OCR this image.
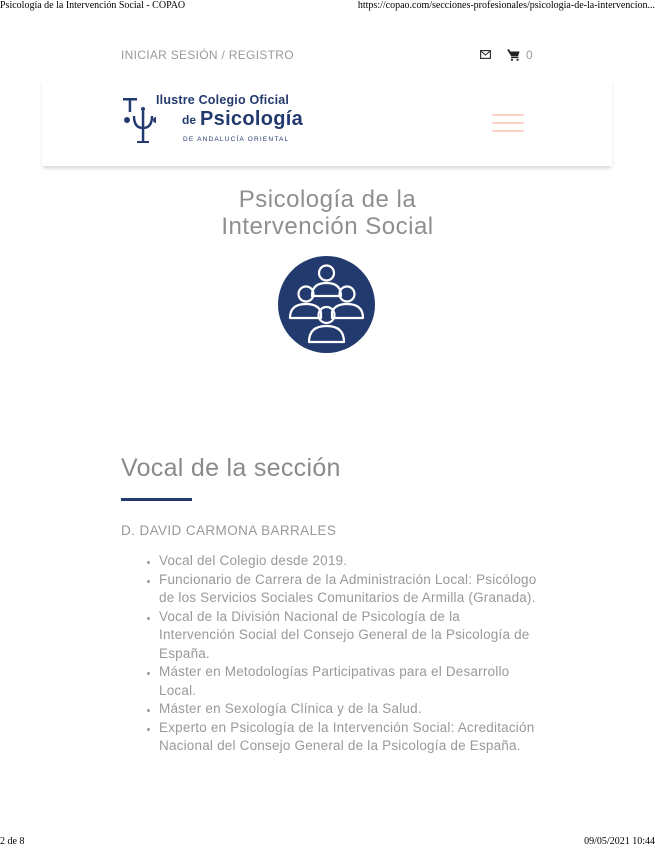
Psicología de la Intervención Social - COPAO	https://copao.com/secciones-profesionales/psicologia-de-la-intervencion...
INICIAR SESIÓN / REGISTRO	0
Ilustre Colegio Oficial
de Psicología
DE ANDALUCÍA ORIENTAL
Psicología de la
Intervención Social
Vocal de la sección
D. DAVID CARMONA BARRALES
• Vocal del Colegio desde 2019.
• Funcionario de Carrera de la Administración Local: Psicólogo de los Servicios Sociales Comunitarios de Armilla (Granada).
• Vocal de la División Nacional de Psicología de la Intervención Social del Consejo General de la Psicología de España.
• Máster en Metodologías Participativas para el Desarrollo Local.
• Máster en Sexología Clínica y de la Salud.
• Experto en Psicología de la Intervención Social: Acreditación Nacional del Consejo General de la Psicología de España.
2 de 8	09/05/2021 10:44
